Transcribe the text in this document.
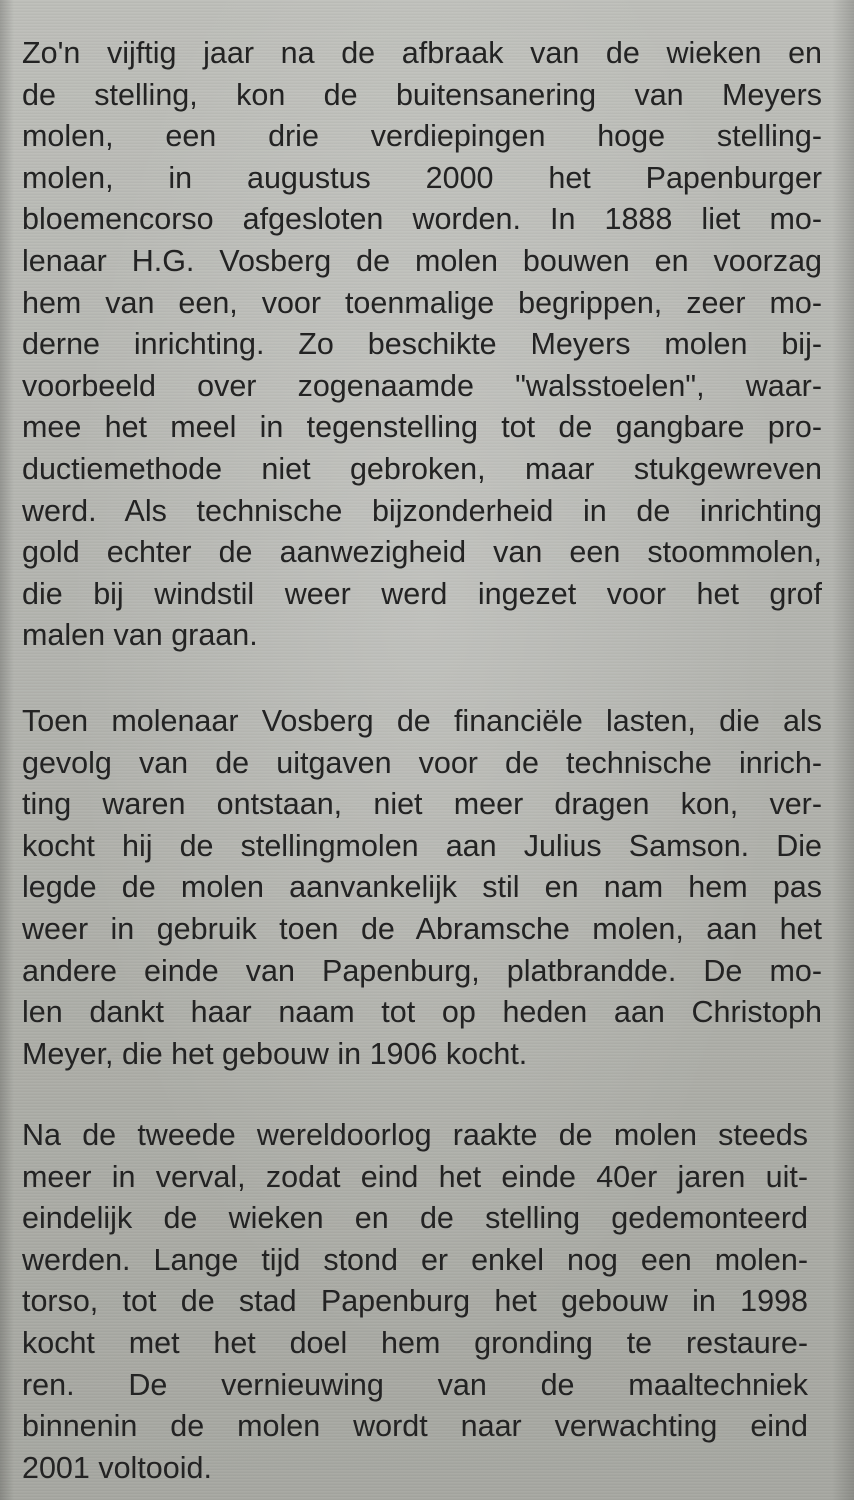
Zo'n vijftig jaar na de afbraak van de wieken en
de stelling, kon de buitensanering van Meyers
molen, een drie verdiepingen hoge stelling-
molen, in augustus 2000 het Papenburger
bloemencorso afgesloten worden. In 1888 liet mo-
lenaar H.G. Vosberg de molen bouwen en voorzag
hem van een, voor toenmalige begrippen, zeer mo-
derne inrichting. Zo beschikte Meyers molen bij-
voorbeeld over zogenaamde "walsstoelen", waar-
mee het meel in tegenstelling tot de gangbare pro-
ductiemethode niet gebroken, maar stukgewreven
werd. Als technische bijzonderheid in de inrichting
gold echter de aanwezigheid van een stoommolen,
die bij windstil weer werd ingezet voor het grof
malen van graan.
Toen molenaar Vosberg de financiële lasten, die als
gevolg van de uitgaven voor de technische inrich-
ting waren ontstaan, niet meer dragen kon, ver-
kocht hij de stellingmolen aan Julius Samson. Die
legde de molen aanvankelijk stil en nam hem pas
weer in gebruik toen de Abramsche molen, aan het
andere einde van Papenburg, platbrandde. De mo-
len dankt haar naam tot op heden aan Christoph
Meyer, die het gebouw in 1906 kocht.
Na de tweede wereldoorlog raakte de molen steeds
meer in verval, zodat eind het einde 40er jaren uit-
eindelijk de wieken en de stelling gedemonteerd
werden. Lange tijd stond er enkel nog een molen-
torso, tot de stad Papenburg het gebouw in 1998
kocht met het doel hem gronding te restaure-
ren. De vernieuwing van de maaltechniek
binnenin de molen wordt naar verwachting eind
2001 voltooid.
